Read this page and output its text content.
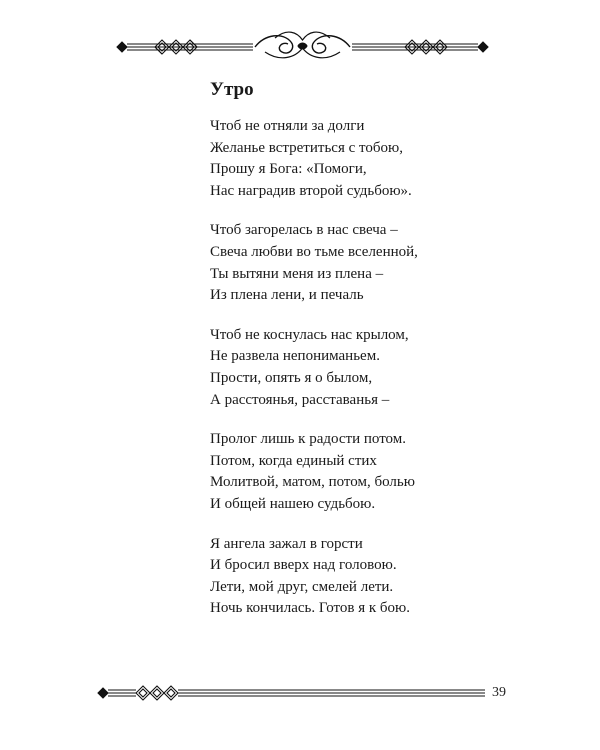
Утро
Чтоб не отняли за долги
Желанье встретиться с тобою,
Прошу я Бога: «Помоги,
Нас наградив второй судьбою».
Чтоб загорелась в нас свеча –
Свеча любви во тьме вселенной,
Ты вытяни меня из плена –
Из плена лени, и печаль
Чтоб не коснулась нас крылом,
Не развела непониманьем.
Прости, опять я о былом,
А расстоянья, расставанья –
Пролог лишь к радости потом.
Потом, когда единый стих
Молитвой, матом, потом, болью
И общей нашею судьбою.
Я ангела зажал в горсти
И бросил вверх над головою.
Лети, мой друг, смелей лети.
Ночь кончилась. Готов я к бою.
39
